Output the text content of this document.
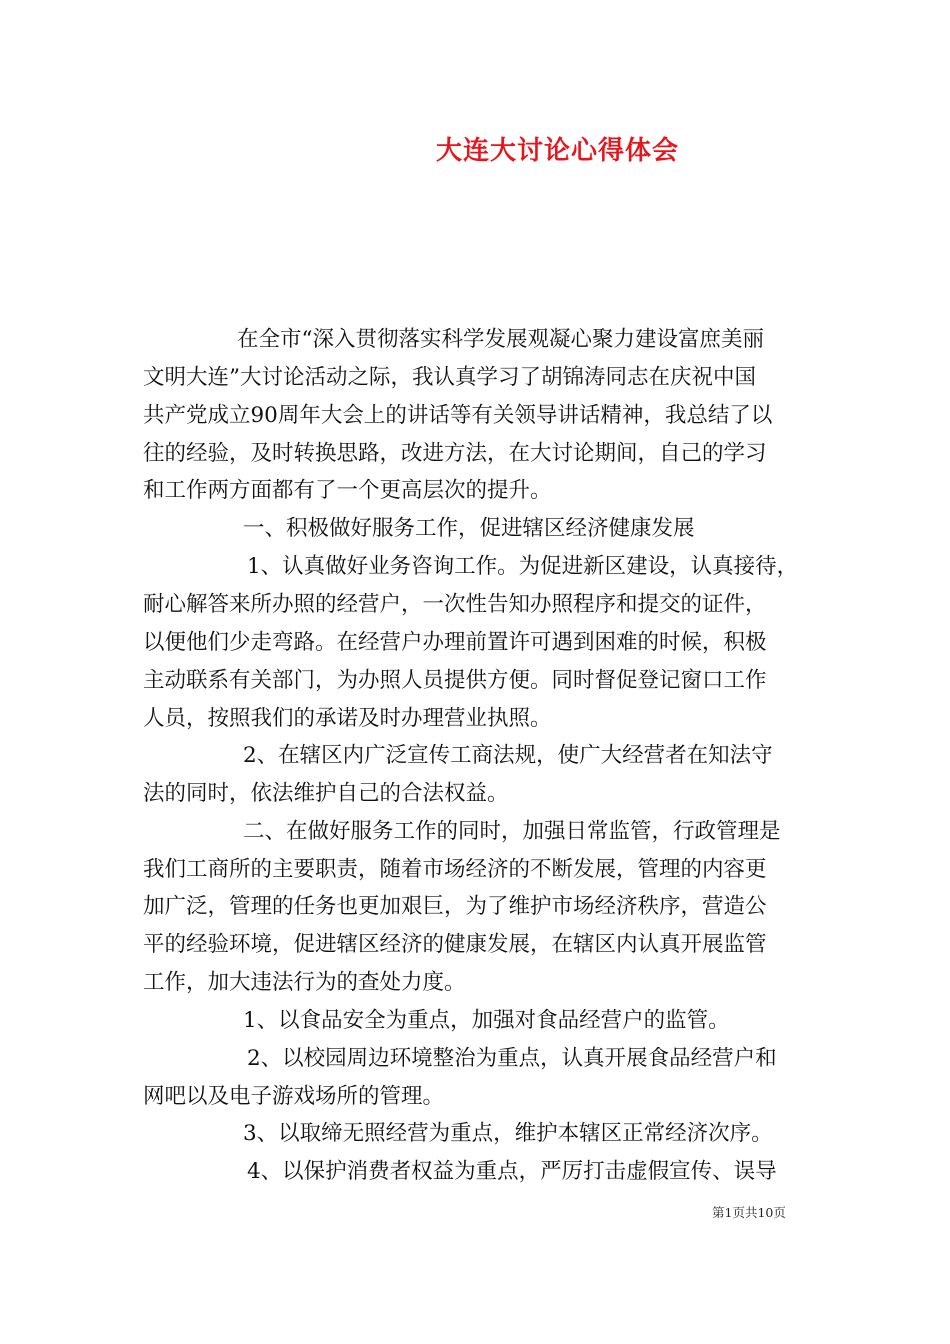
大连大讨论心得体会
在全市“深入贯彻落实科学发展观凝心聚力建设富庶美丽
文明大连”大讨论活动之际，我认真学习了胡锦涛同志在庆祝中国
共产党成立90周年大会上的讲话等有关领导讲话精神，我总结了以
往的经验，及时转换思路，改进方法，在大讨论期间，自己的学习
和工作两方面都有了一个更高层次的提升。
一、积极做好服务工作，促进辖区经济健康发展
1、认真做好业务咨询工作。为促进新区建设，认真接待，
耐心解答来所办照的经营户，一次性告知办照程序和提交的证件，
以便他们少走弯路。在经营户办理前置许可遇到困难的时候，积极
主动联系有关部门，为办照人员提供方便。同时督促登记窗口工作
人员，按照我们的承诺及时办理营业执照。
2、在辖区内广泛宣传工商法规，使广大经营者在知法守
法的同时，依法维护自己的合法权益。
二、在做好服务工作的同时，加强日常监管，行政管理是
我们工商所的主要职责，随着市场经济的不断发展，管理的内容更
加广泛，管理的任务也更加艰巨，为了维护市场经济秩序，营造公
平的经验环境，促进辖区经济的健康发展，在辖区内认真开展监管
工作，加大违法行为的查处力度。
1、以食品安全为重点，加强对食品经营户的监管。
2、以校园周边环境整治为重点，认真开展食品经营户和
网吧以及电子游戏场所的管理。
3、以取缔无照经营为重点，维护本辖区正常经济次序。
4、以保护消费者权益为重点，严厉打击虚假宣传、误导
第1页共10页
